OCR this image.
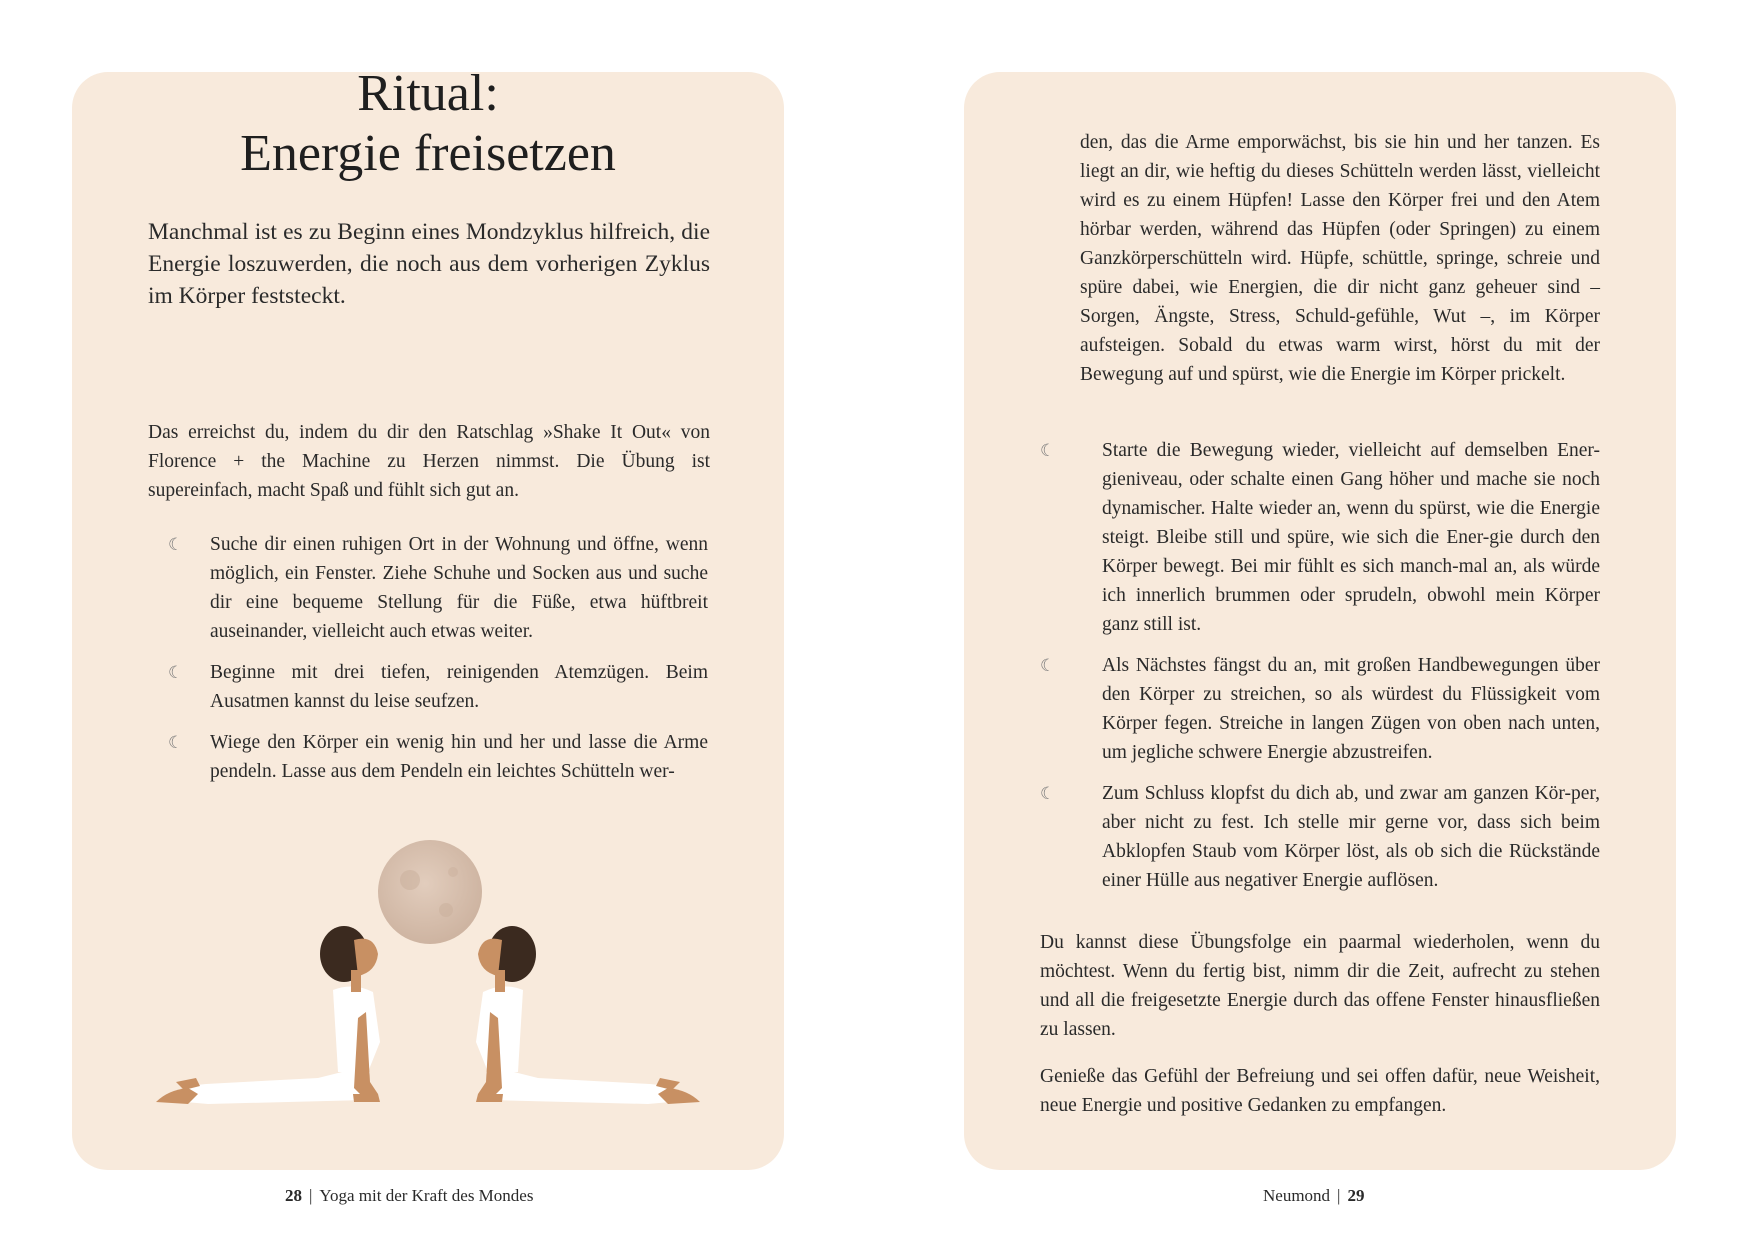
Ritual:
Energie freisetzen

Manchmal ist es zu Beginn eines Mondzyklus hilfreich, die Energie loszuwerden, die noch aus dem vorherigen Zyklus im Körper feststeckt.

Das erreichst du, indem du dir den Ratschlag »Shake It Out« von Florence + the Machine zu Herzen nimmst. Die Übung ist supereinfach, macht Spaß und fühlt sich gut an.

☾ Suche dir einen ruhigen Ort in der Wohnung und öffne, wenn möglich, ein Fenster. Ziehe Schuhe und Socken aus und suche dir eine bequeme Stellung für die Füße, etwa hüftbreit auseinander, vielleicht auch etwas weiter.
☾ Beginne mit drei tiefen, reinigenden Atemzügen. Beim Ausatmen kannst du leise seufzen.
☾ Wiege den Körper ein wenig hin und her und lasse die Arme pendeln. Lasse aus dem Pendeln ein leichtes Schütteln wer-

den, das die Arme emporwächst, bis sie hin und her tanzen. Es liegt an dir, wie heftig du dieses Schütteln werden lässt, vielleicht wird es zu einem Hüpfen! Lasse den Körper frei und den Atem hörbar werden, während das Hüpfen (oder Springen) zu einem Ganzkörperschütteln wird. Hüpfe, schüttle, springe, schreie und spüre dabei, wie Energien, die dir nicht ganz geheuer sind – Sorgen, Ängste, Stress, Schuld-gefühle, Wut –, im Körper aufsteigen. Sobald du etwas warm wirst, hörst du mit der Bewegung auf und spürst, wie die Energie im Körper prickelt.

☾ Starte die Bewegung wieder, vielleicht auf demselben Ener-gieniveau, oder schalte einen Gang höher und mache sie noch dynamischer. Halte wieder an, wenn du spürst, wie die Energie steigt. Bleibe still und spüre, wie sich die Ener-gie durch den Körper bewegt. Bei mir fühlt es sich manch-mal an, als würde ich innerlich brummen oder sprudeln, obwohl mein Körper ganz still ist.
☾ Als Nächstes fängst du an, mit großen Handbewegungen über den Körper zu streichen, so als würdest du Flüssigkeit vom Körper fegen. Streiche in langen Zügen von oben nach unten, um jegliche schwere Energie abzustreifen.
☾ Zum Schluss klopfst du dich ab, und zwar am ganzen Kör-per, aber nicht zu fest. Ich stelle mir gerne vor, dass sich beim Abklopfen Staub vom Körper löst, als ob sich die Rückstände einer Hülle aus negativer Energie auflösen.

Du kannst diese Übungsfolge ein paarmal wiederholen, wenn du möchtest. Wenn du fertig bist, nimm dir die Zeit, aufrecht zu stehen und all die freigesetzte Energie durch das offene Fenster hinausfließen zu lassen.

Genieße das Gefühl der Befreiung und sei offen dafür, neue Weisheit, neue Energie und positive Gedanken zu empfangen.

28 | Yoga mit der Kraft des Mondes	Neumond | 29
